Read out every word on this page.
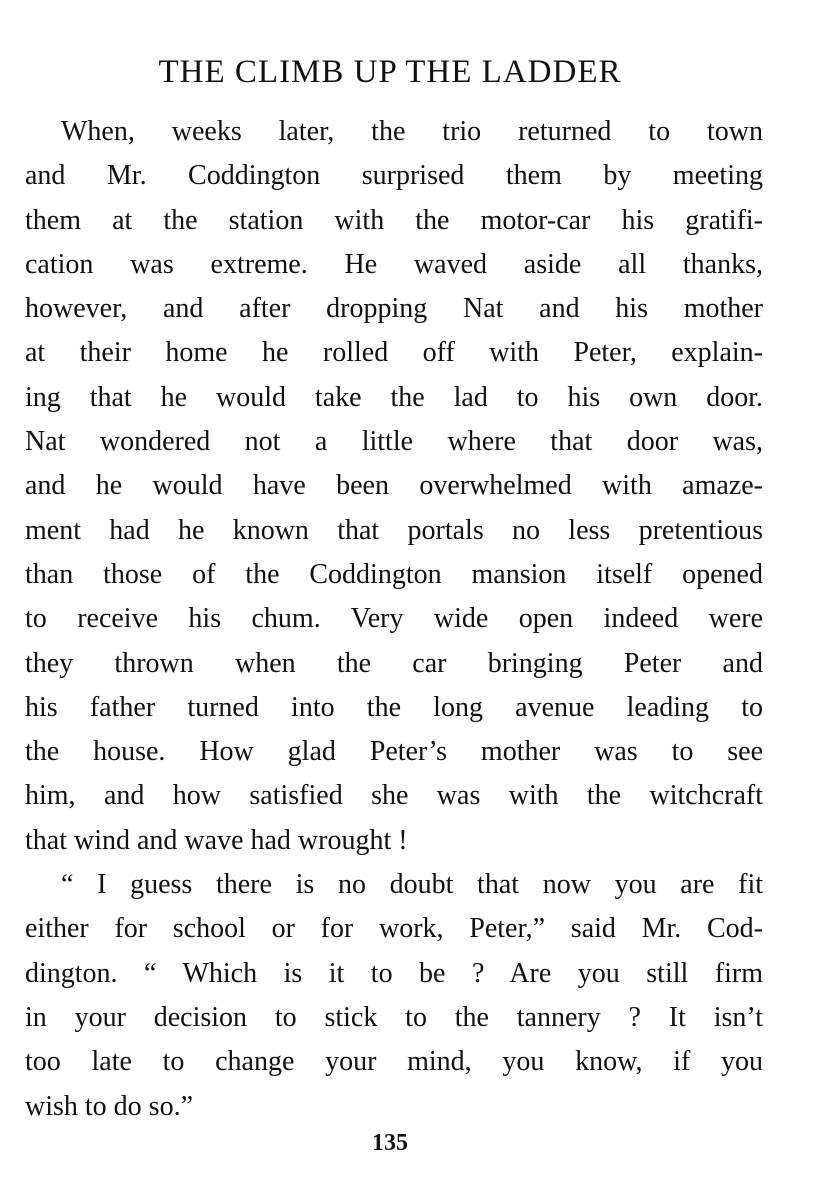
THE CLIMB UP THE LADDER
When, weeks later, the trio returned to town
and Mr. Coddington surprised them by meeting
them at the station with the motor-car his gratifi-
cation was extreme. He waved aside all thanks,
however, and after dropping Nat and his mother
at their home he rolled off with Peter, explain-
ing that he would take the lad to his own door.
Nat wondered not a little where that door was,
and he would have been overwhelmed with amaze-
ment had he known that portals no less pretentious
than those of the Coddington mansion itself opened
to receive his chum. Very wide open indeed were
they thrown when the car bringing Peter and
his father turned into the long avenue leading to
the house. How glad Peter’s mother was to see
him, and how satisfied she was with the witchcraft
that wind and wave had wrought !
“ I guess there is no doubt that now you are fit
either for school or for work, Peter,” said Mr. Cod-
dington. “ Which is it to be ? Are you still firm
in your decision to stick to the tannery ? It isn’t
too late to change your mind, you know, if you
wish to do so.”
135
